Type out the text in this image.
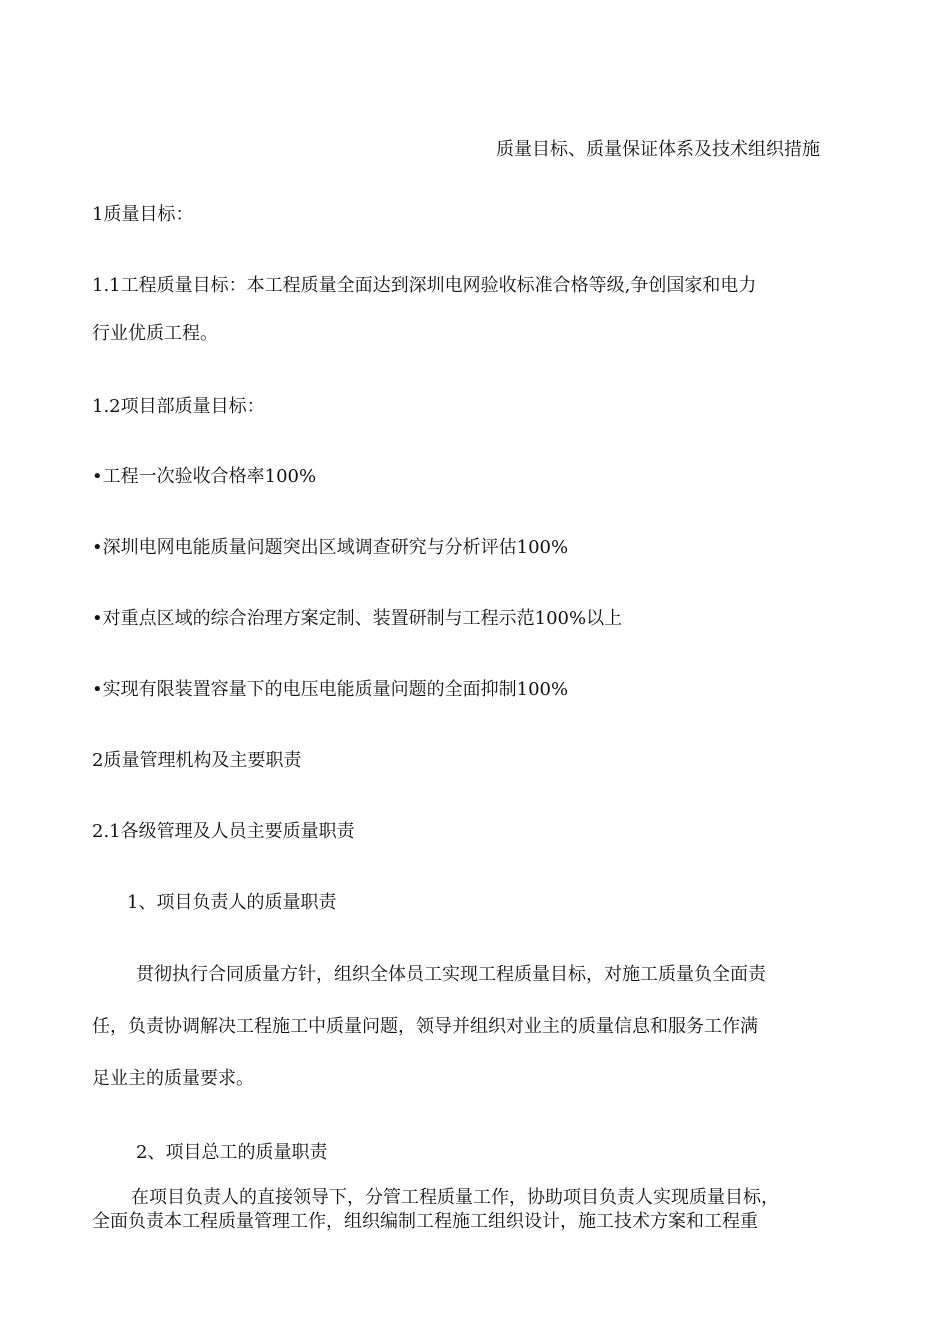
质量目标、质量保证体系及技术组织措施
1质量目标：
1.1工程质量目标：本工程质量全面达到深圳电网验收标准合格等级,争创国家和电力
行业优质工程。
1.2项目部质量目标：
•工程一次验收合格率100%
•深圳电网电能质量问题突出区域调查研究与分析评估100%
•对重点区域的综合治理方案定制、装置研制与工程示范100%以上
•实现有限装置容量下的电压电能质量问题的全面抑制100%
2质量管理机构及主要职责
2.1各级管理及人员主要质量职责
1、项目负责人的质量职责
贯彻执行合同质量方针，组织全体员工实现工程质量目标，对施工质量负全面责
任，负责协调解决工程施工中质量问题，领导并组织对业主的质量信息和服务工作满
足业主的质量要求。
2、项目总工的质量职责
在项目负责人的直接领导下，分管工程质量工作，协助项目负责人实现质量目标，
全面负责本工程质量管理工作，组织编制工程施工组织设计，施工技术方案和工程重
